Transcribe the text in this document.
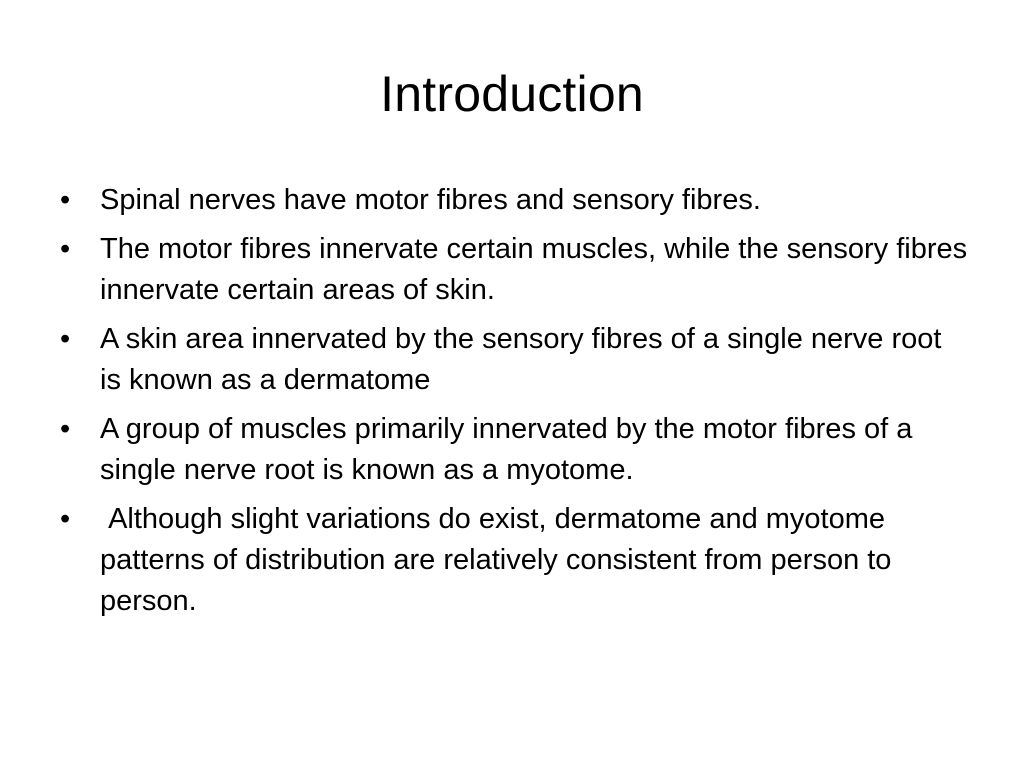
Introduction
•	Spinal nerves have motor fibres and sensory fibres.
•	The motor fibres innervate certain muscles, while the sensory fibres innervate certain areas of skin.
•	A skin area innervated by the sensory fibres of a single nerve root is known as a dermatome
•	A group of muscles primarily innervated by the motor fibres of a single nerve root is known as a myotome.
•	Although slight variations do exist, dermatome and myotome patterns of distribution are relatively consistent from person to person.
